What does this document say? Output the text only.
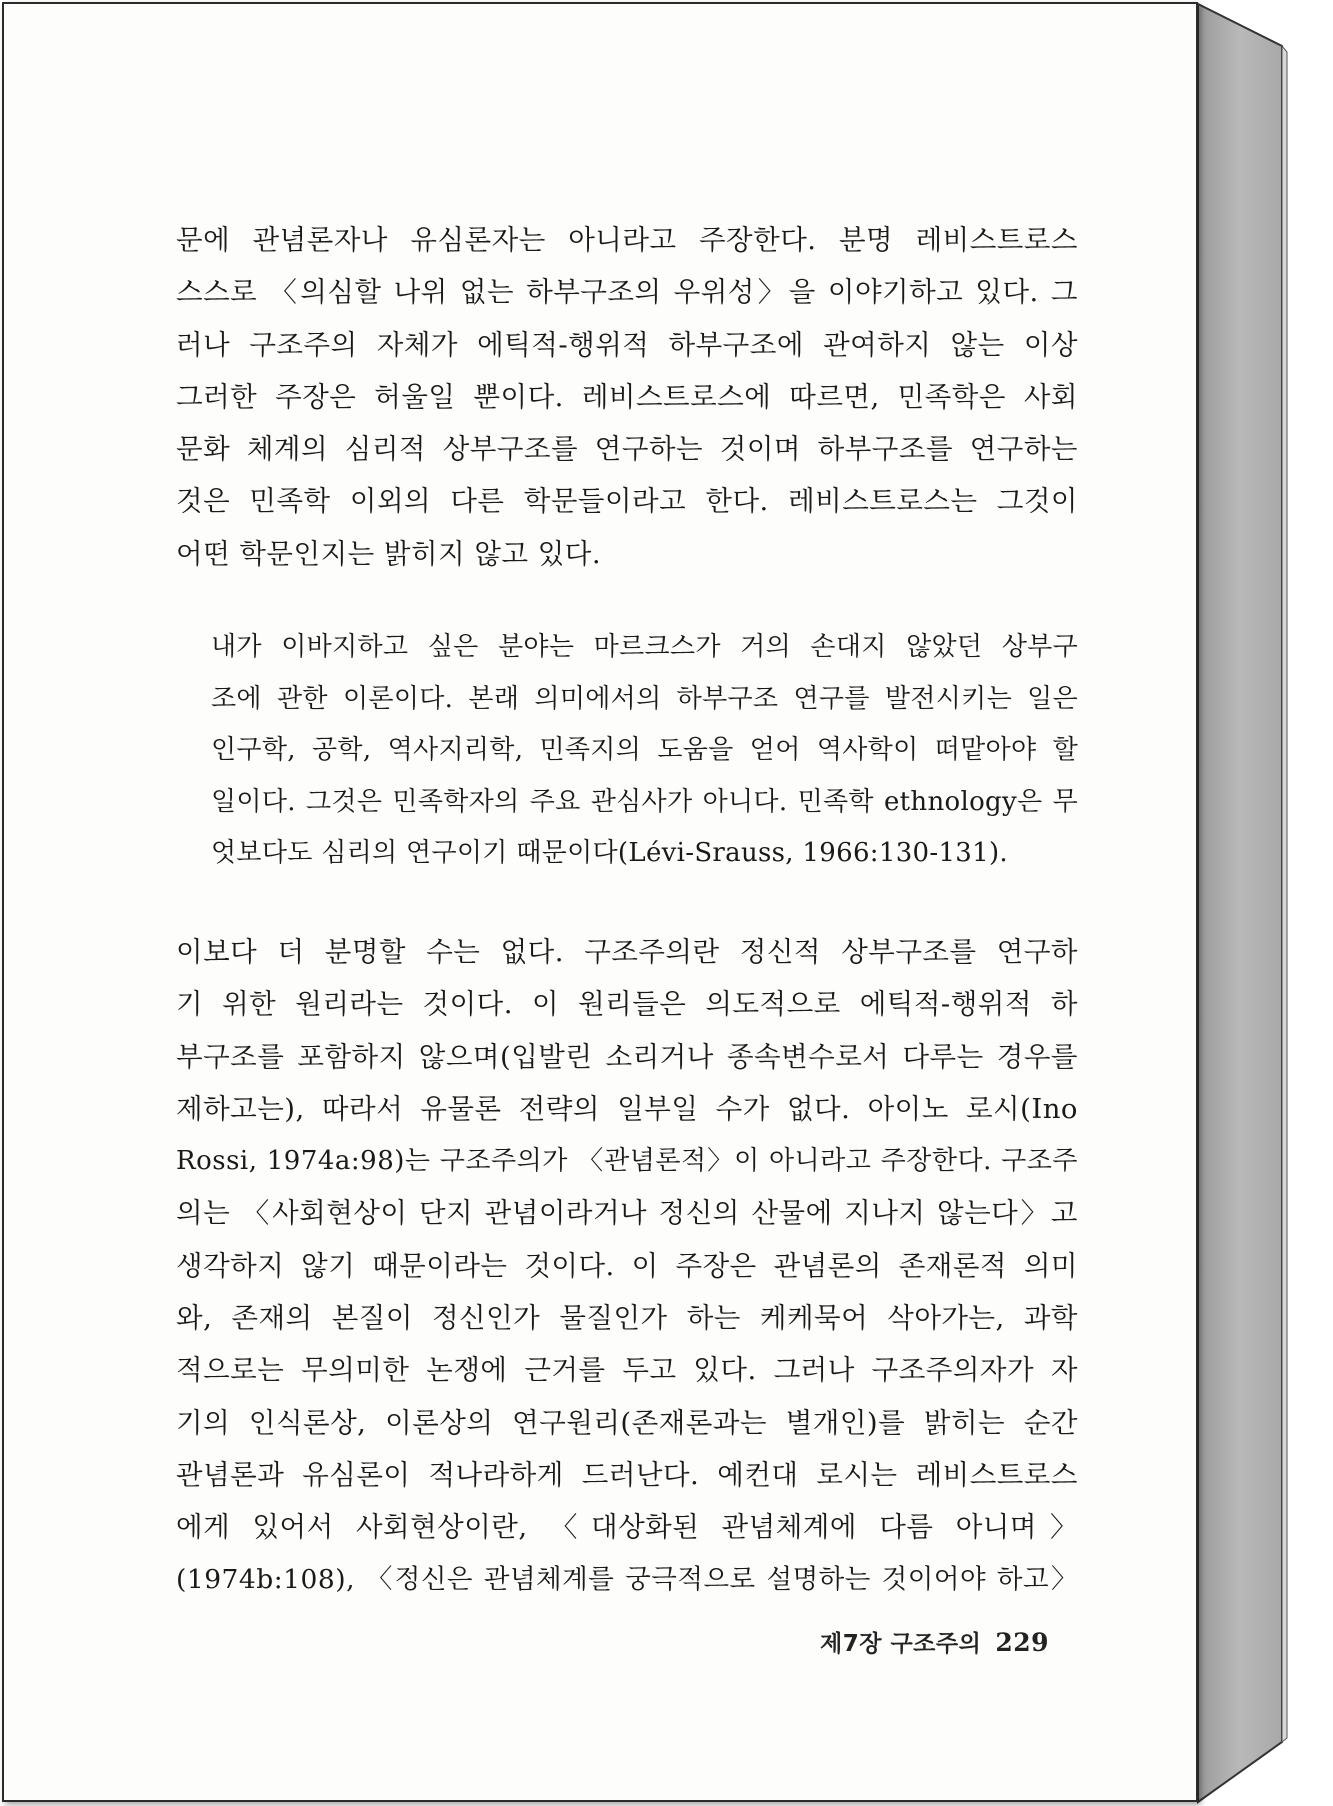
문에 관념론자나 유심론자는 아니라고 주장한다. 분명 레비스트로스
스스로 〈의심할 나위 없는 하부구조의 우위성〉을 이야기하고 있다. 그
러나 구조주의 자체가 에틱적-행위적 하부구조에 관여하지 않는 이상
그러한 주장은 허울일 뿐이다. 레비스트로스에 따르면, 민족학은 사회
문화 체계의 심리적 상부구조를 연구하는 것이며 하부구조를 연구하는
것은 민족학 이외의 다른 학문들이라고 한다. 레비스트로스는 그것이
어떤 학문인지는 밝히지 않고 있다.
내가 이바지하고 싶은 분야는 마르크스가 거의 손대지 않았던 상부구
조에 관한 이론이다. 본래 의미에서의 하부구조 연구를 발전시키는 일은
인구학, 공학, 역사지리학, 민족지의 도움을 얻어 역사학이 떠맡아야 할
일이다. 그것은 민족학자의 주요 관심사가 아니다. 민족학 ethnology은 무
엇보다도 심리의 연구이기 때문이다(Lévi-Srauss, 1966:130-131).
이보다 더 분명할 수는 없다. 구조주의란 정신적 상부구조를 연구하
기 위한 원리라는 것이다. 이 원리들은 의도적으로 에틱적-행위적 하
부구조를 포함하지 않으며(입발린 소리거나 종속변수로서 다루는 경우를
제하고는), 따라서 유물론 전략의 일부일 수가 없다. 아이노 로시(Ino
Rossi, 1974a:98)는 구조주의가 〈관념론적〉이 아니라고 주장한다. 구조주
의는 〈사회현상이 단지 관념이라거나 정신의 산물에 지나지 않는다〉고
생각하지 않기 때문이라는 것이다. 이 주장은 관념론의 존재론적 의미
와, 존재의 본질이 정신인가 물질인가 하는 케케묵어 삭아가는, 과학
적으로는 무의미한 논쟁에 근거를 두고 있다. 그러나 구조주의자가 자
기의 인식론상, 이론상의 연구원리(존재론과는 별개인)를 밝히는 순간
관념론과 유심론이 적나라하게 드러난다. 예컨대 로시는 레비스트로스
에게 있어서 사회현상이란, 〈대상화된 관념체계에 다름 아니며〉
(1974b:108), 〈정신은 관념체계를 궁극적으로 설명하는 것이어야 하고〉
제7장 구조주의 229
